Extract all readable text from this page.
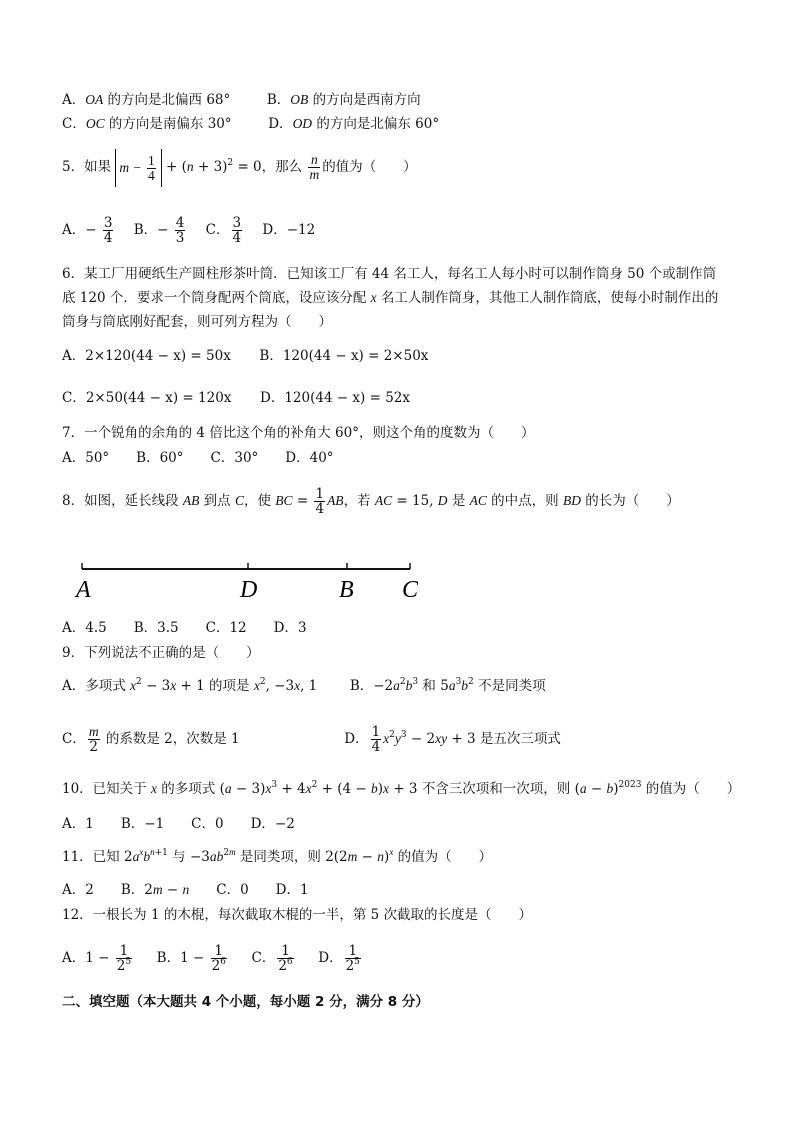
A．OA 的方向是北偏西 68°	B．OB 的方向是西南方向
C．OC 的方向是南偏东 30°	D．OD 的方向是北偏东 60°
5．如果 $m - \frac{1}{4} + (n + 3)^2 = 0$，那么 $\frac{n}{m}$ 的值为（　　）
A．− $\frac{3}{4}$ B．− $\frac{4}{3}$ C． $\frac{3}{4}$ D．−12
6．某工厂用硬纸生产圆柱形茶叶筒．已知该工厂有 44 名工人，每名工人每小时可以制作筒身 50 个或制作筒
底 120 个．要求一个筒身配两个筒底，设应该分配 x 名工人制作筒身，其他工人制作筒底，使每小时制作出的
筒身与筒底刚好配套，则可列方程为（　　）
A．2×120(44 − x) = 50x B．120(44 − x) = 2×50x
C．2×50(44 − x) = 120x D．120(44 − x) = 52x
7．一个锐角的余角的 4 倍比这个角的补角大 60°，则这个角的度数为（　　）
A．50°　　B．60°　　C．30°　　D．40°
8．如图，延长线段 AB 到点 C，使 BC = $\frac{1}{4}$ AB，若 AC = 15, D 是 AC 的中点，则 BD 的长为（　　）
A	D	B C
A．4.5　　B．3.5　　C．12　　D．3
9．下列说法不正确的是（　　）
A．多项式 $x^2 - 3x + 1$ 的项是 $x^2$, −3x, 1 B．$-2a^2b^3$ 和 $5a^3b^2$ 不是同类项
C． $\frac{m}{2}$ 的系数是 2，次数是 1	D． $\frac{1}{4} x^2y^3 - 2xy + 3$ 是五次三项式
10．已知关于 x 的多项式 $(a - 3)x^3 + 4x^2 + (4 - b)x + 3$ 不含三次项和一次项，则 $(a - b)^{2023}$ 的值为（　　）
A．1　　B．−1　　C．0　　D．−2
11．已知 $2a^xb^{n+1}$ 与 $-3ab^{2m}$ 是同类项，则 $2(2m - n)^x$ 的值为（　　）
A．2　　B．2m − n　　C．0　　D．1
12．一根长为 1 的木棍，每次截取木棍的一半，第 5 次截取的长度是（　　）
A．$1 - \frac{1}{2^5}$ B．$1 - \frac{1}{2^6}$ C． $\frac{1}{2^6}$ D． $\frac{1}{2^5}$
二、填空题（本大题共 4 个小题，每小题 2 分，满分 8 分）
